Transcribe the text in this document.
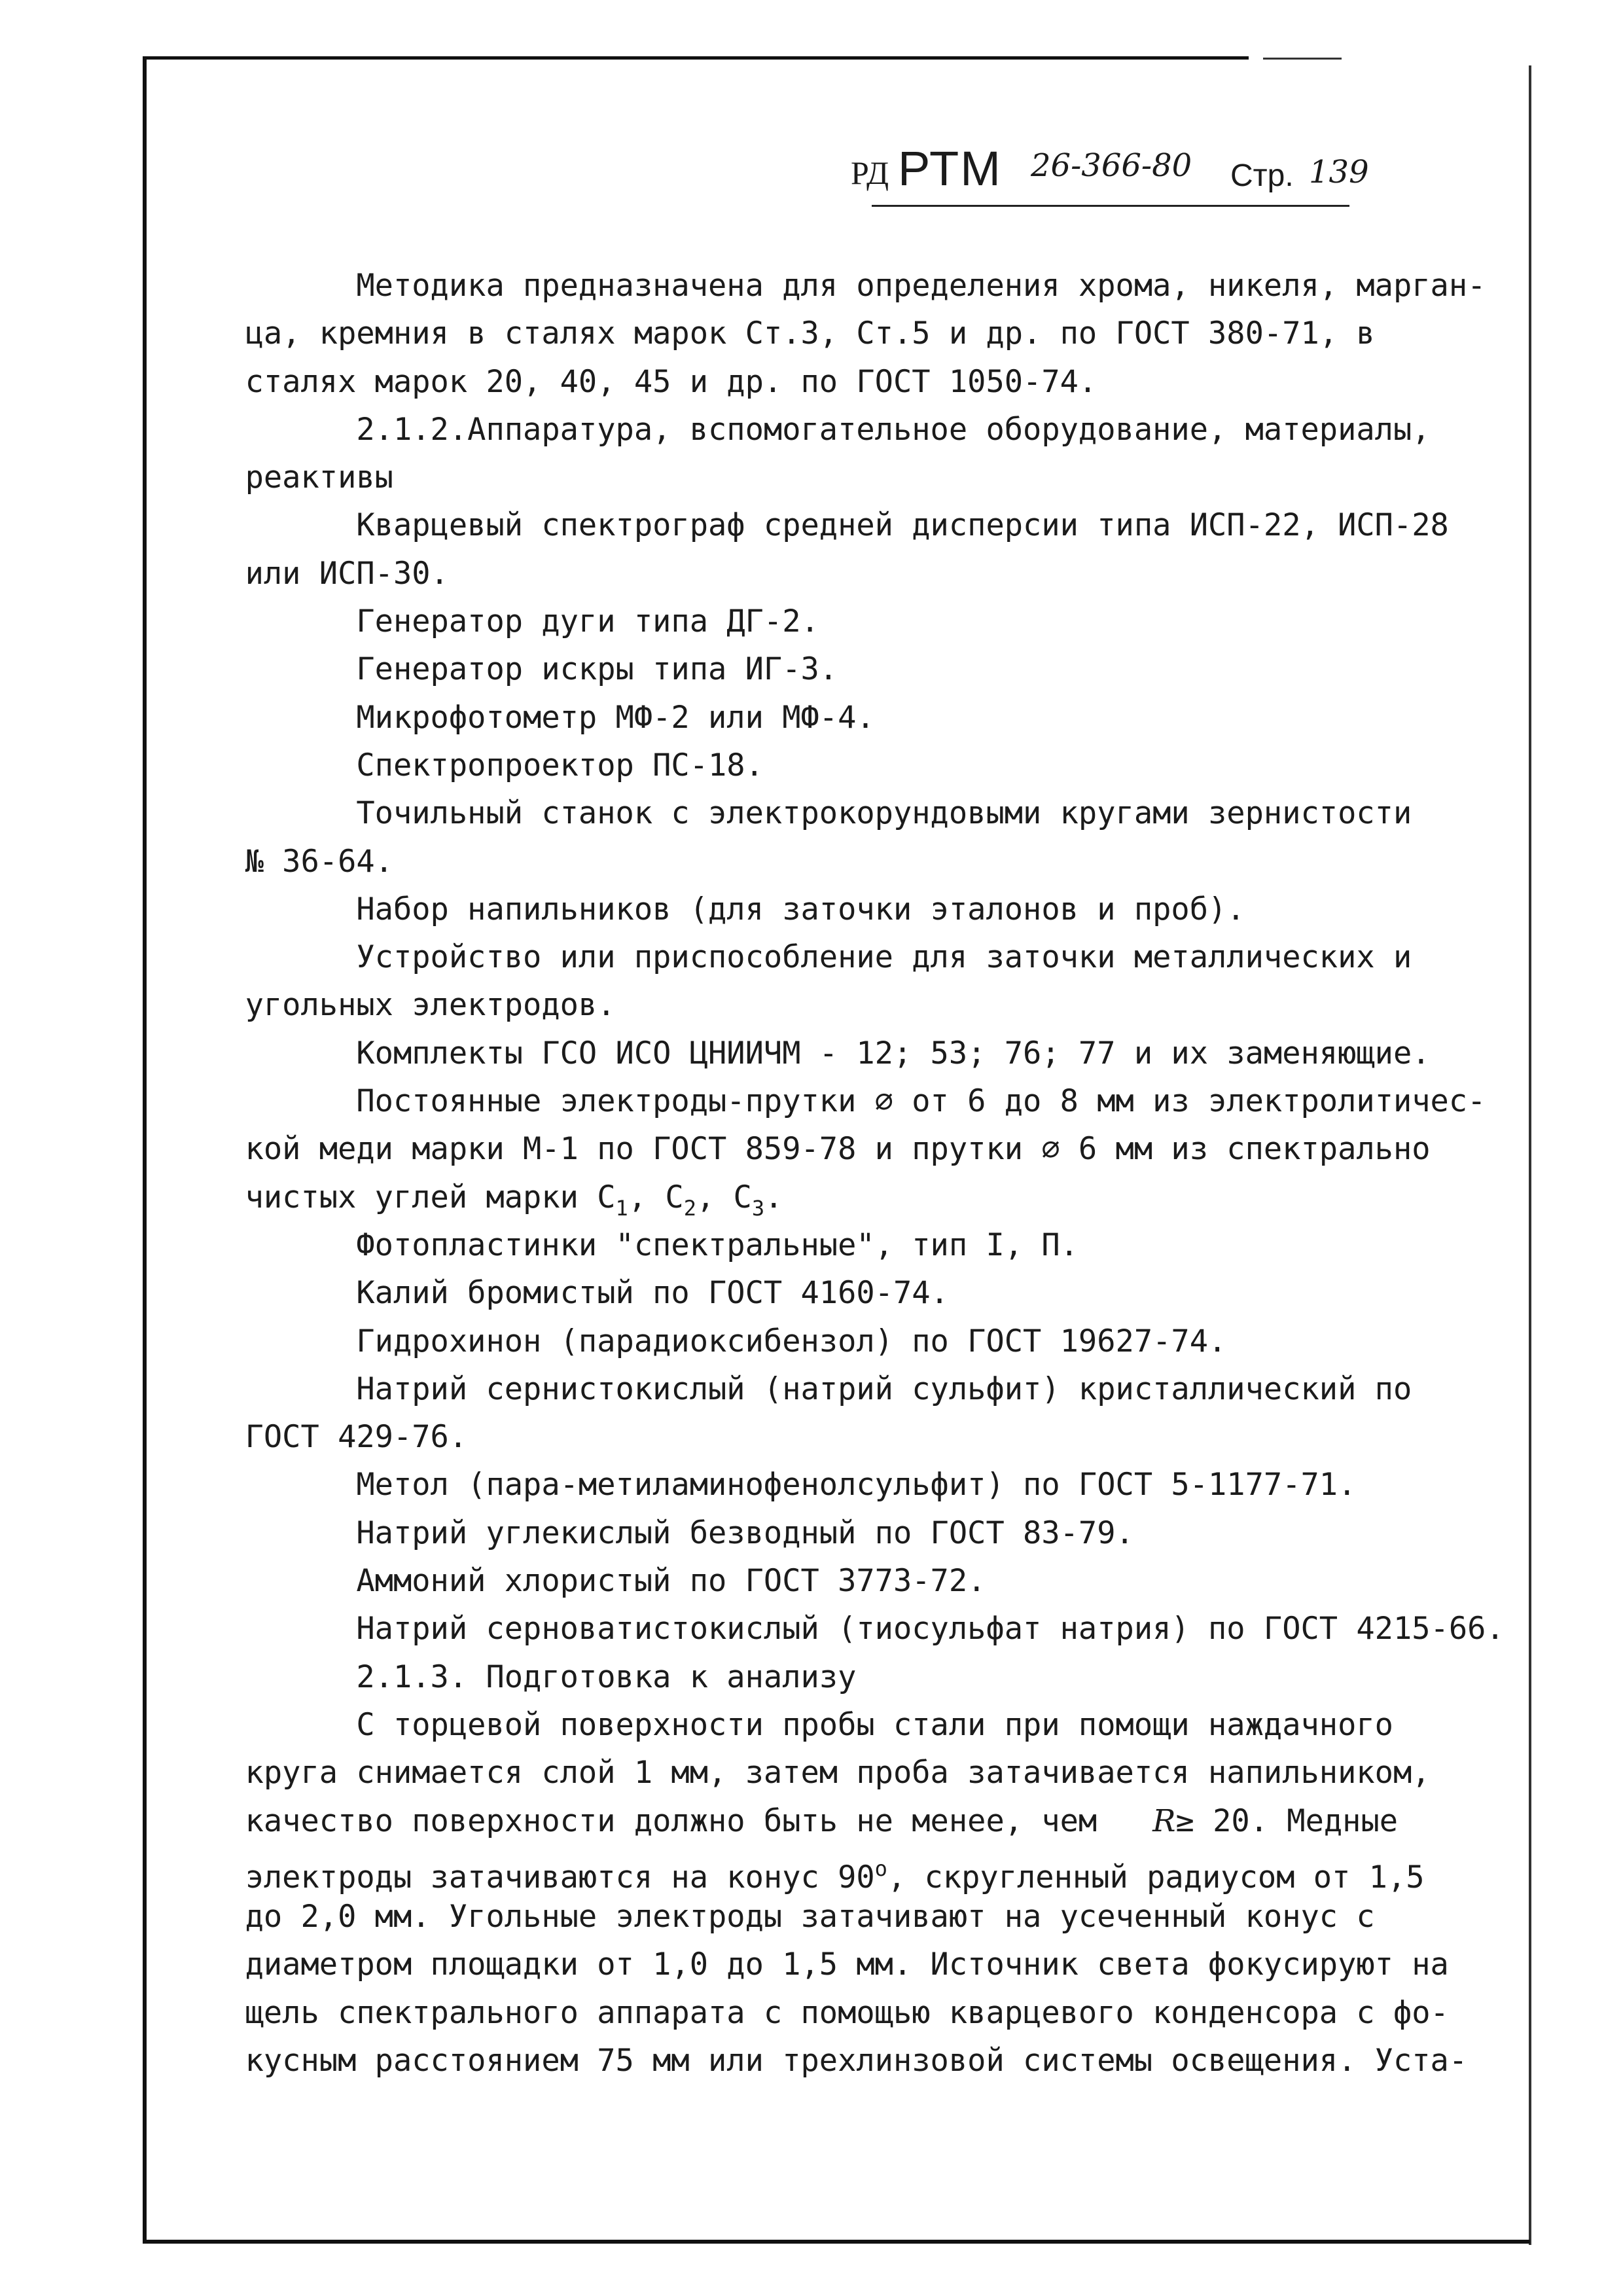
РД РТМ 26-366-80 Стр. 139
Методика предназначена для определения хрома, никеля, марган-
ца, кремния в сталях марок Ст.3, Ст.5 и др. по ГОСТ 380-71, в
сталях марок 20, 40, 45 и др. по ГОСТ 1050-74.
2.1.2.Аппаратура, вспомогательное оборудование, материалы,
реактивы
Кварцевый спектрограф средней дисперсии типа ИСП-22, ИСП-28
или ИСП-30.
Генератор дуги типа ДГ-2.
Генератор искры типа ИГ-3.
Микрофотометр МФ-2 или МФ-4.
Спектропроектор ПС-18.
Точильный станок с электрокорундовыми кругами зернистости
№ 36-64.
Набор напильников (для заточки эталонов и проб).
Устройство или приспособление для заточки металлических и
угольных электродов.
Комплекты ГСО ИСО ЦНИИЧМ - 12; 53; 76; 77 и их заменяющие.
Постоянные электроды-прутки ⌀ от 6 до 8 мм из электролитичес-
кой меди марки М-1 по ГОСТ 859-78 и прутки ⌀ 6 мм из спектрально
чистых углей марки $С_1$, $С_2$, $С_3$.
Фотопластинки "спектральные", тип I, П.
Калий бромистый по ГОСТ 4160-74.
Гидрохинон (парадиоксибензол) по ГОСТ 19627-74.
Натрий сернистокислый (натрий сульфит) кристаллический по
ГОСТ 429-76.
Метол (пара-метиламинофенолсульфит) по ГОСТ 5-1177-71.
Натрий углекислый безводный по ГОСТ 83-79.
Аммоний хлористый по ГОСТ 3773-72.
Натрий серноватистокислый (тиосульфат натрия) по ГОСТ 4215-66.
2.1.3. Подготовка к анализу
С торцевой поверхности пробы стали при помощи наждачного
круга снимается слой 1 мм, затем проба затачивается напильником,
качество поверхности должно быть не менее, чем R≥ 20. Медные
электроды затачиваются на конус $90^о$, скругленный радиусом от 1,5
до 2,0 мм. Угольные электроды затачивают на усеченный конус с
диаметром площадки от 1,0 до 1,5 мм. Источник света фокусируют на
щель спектрального аппарата с помощью кварцевого конденсора с фо-
кусным расстоянием 75 мм или трехлинзовой системы освещения. Уста-
